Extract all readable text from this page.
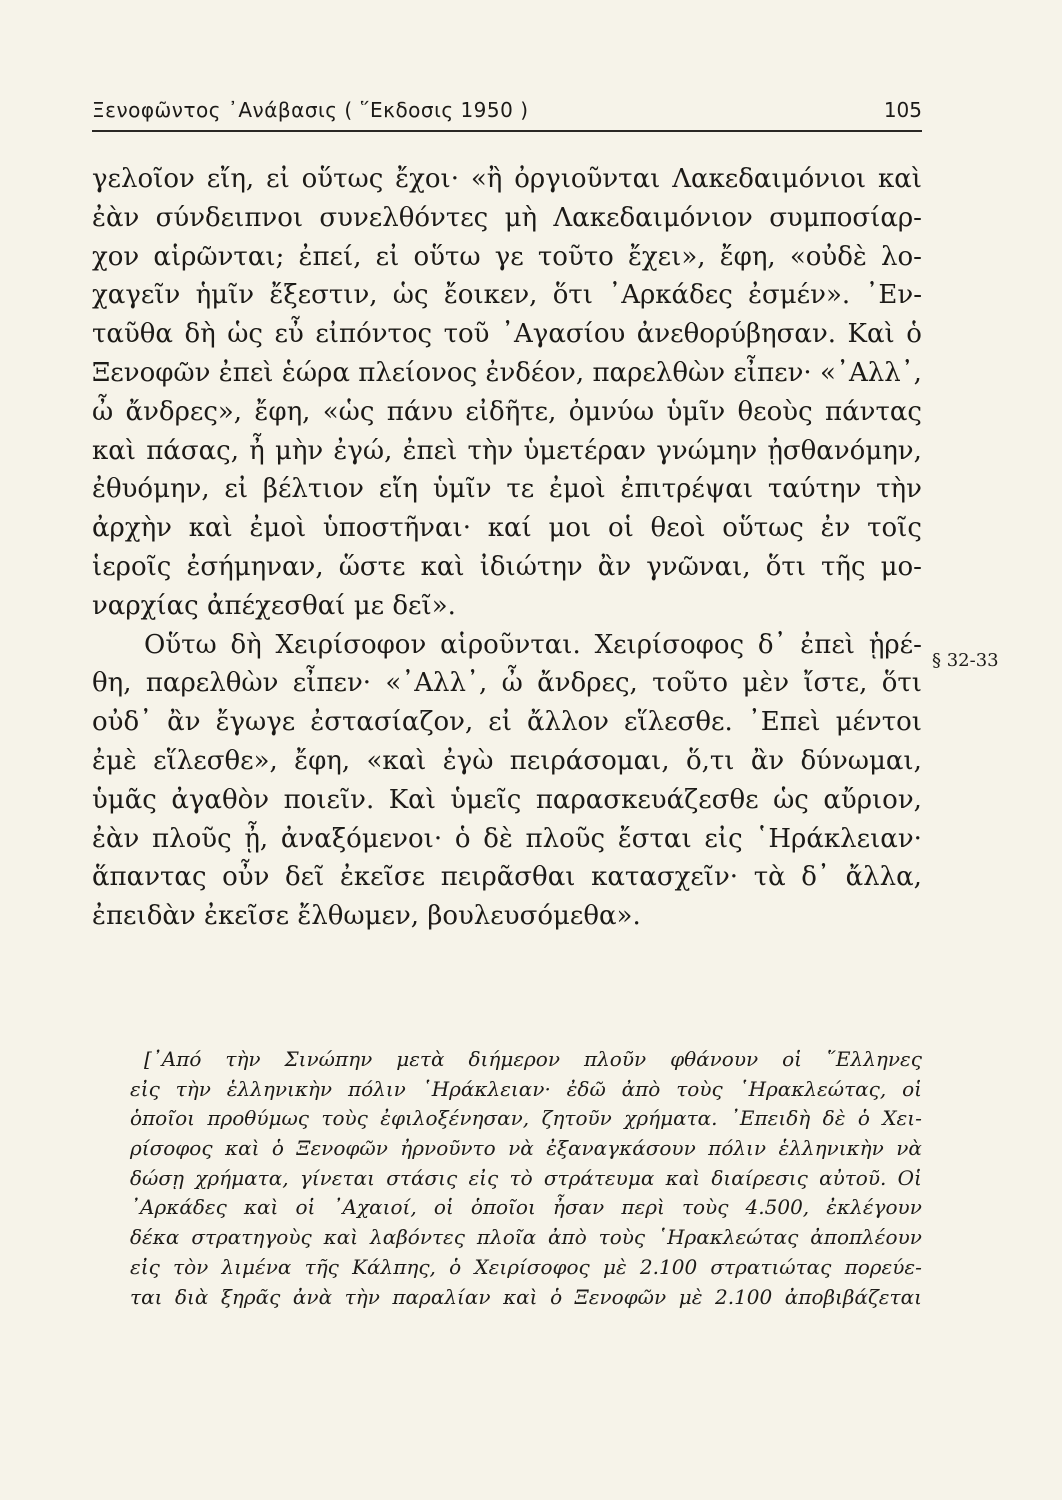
Ξενοφῶντος ᾿Ανάβασις ( ῞Εκδοσις 1950 )	105
γελοῖον εἴη, εἰ οὕτως ἔχοι· «ἢ ὀργιοῦνται Λακεδαιμόνιοι καὶ
ἐὰν σύνδειπνοι συνελθόντες μὴ Λακεδαιμόνιον συμποσίαρ-
χον αἱρῶνται; ἐπεί, εἰ οὕτω γε τοῦτο ἔχει», ἔφη, «οὐδὲ λο-
χαγεῖν ἡμῖν ἔξεστιν, ὡς ἔοικεν, ὅτι ᾿Αρκάδες ἐσμέν». ᾿Εν-
ταῦθα δὴ ὡς εὖ εἰπόντος τοῦ ᾿Αγασίου ἀνεθορύβησαν. Καὶ ὁ
Ξενοφῶν ἐπεὶ ἑώρα πλείονος ἐνδέον, παρελθὼν εἶπεν· «᾿Αλλ᾿,
ὦ ἄνδρες», ἔφη, «ὡς πάνυ εἰδῆτε, ὀμνύω ὑμῖν θεοὺς πάντας
καὶ πάσας, ἦ μὴν ἐγώ, ἐπεὶ τὴν ὑμετέραν γνώμην ᾐσθανόμην,
ἐθυόμην, εἰ βέλτιον εἴη ὑμῖν τε ἐμοὶ ἐπιτρέψαι ταύτην τὴν
ἀρχὴν καὶ ἐμοὶ ὑποστῆναι· καί μοι οἱ θεοὶ οὕτως ἐν τοῖς
ἱεροῖς ἐσήμηναν, ὥστε καὶ ἰδιώτην ἂν γνῶναι, ὅτι τῆς μο-
ναρχίας ἀπέχεσθαί με δεῖ».
Οὕτω δὴ Χειρίσοφον αἱροῦνται. Χειρίσοφος δ᾿ ἐπεὶ ᾑρέ-
θη, παρελθὼν εἶπεν· «᾿Αλλ᾿, ὦ ἄνδρες, τοῦτο μὲν ἴστε, ὅτι
οὐδ᾿ ἂν ἔγωγε ἐστασίαζον, εἰ ἄλλον εἵλεσθε. ᾿Επεὶ μέντοι
ἐμὲ εἵλεσθε», ἔφη, «καὶ ἐγὼ πειράσομαι, ὅ,τι ἂν δύνωμαι,
ὑμᾶς ἀγαθὸν ποιεῖν. Καὶ ὑμεῖς παρασκευάζεσθε ὡς αὔριον,
ἐὰν πλοῦς ᾖ, ἀναξόμενοι· ὁ δὲ πλοῦς ἔσται εἰς ῾Ηράκλειαν·
ἅπαντας οὖν δεῖ ἐκεῖσε πειρᾶσθαι κατασχεῖν· τὰ δ᾿ ἄλλα,
ἐπειδὰν ἐκεῖσε ἔλθωμεν, βουλευσόμεθα».
§ 32-33
[᾿Από τὴν Σινώπην μετὰ διήμερον πλοῦν φθάνουν οἱ ῞Ελληνες
εἰς τὴν ἑλληνικὴν πόλιν ῾Ηράκλειαν· ἐδῶ ἀπὸ τοὺς ῾Ηρακλεώτας, οἱ
ὁποῖοι προθύμως τοὺς ἐφιλοξένησαν, ζητοῦν χρήματα. ᾿Επειδὴ δὲ ὁ Χει-
ρίσοφος καὶ ὁ Ξενοφῶν ἠρνοῦντο νὰ ἐξαναγκάσουν πόλιν ἑλληνικὴν νὰ
δώσῃ χρήματα, γίνεται στάσις εἰς τὸ στράτευμα καὶ διαίρεσις αὐτοῦ. Οἱ
᾿Αρκάδες καὶ οἱ ᾿Αχαιοί, οἱ ὁποῖοι ἦσαν περὶ τοὺς 4.500, ἐκλέγουν
δέκα στρατηγοὺς καὶ λαβόντες πλοῖα ἀπὸ τοὺς ῾Ηρακλεώτας ἀποπλέουν
εἰς τὸν λιμένα τῆς Κάλπης, ὁ Χειρίσοφος μὲ 2.100 στρατιώτας πορεύε-
ται διὰ ξηρᾶς ἀνὰ τὴν παραλίαν καὶ ὁ Ξενοφῶν μὲ 2.100 ἀποβιβάζεται
